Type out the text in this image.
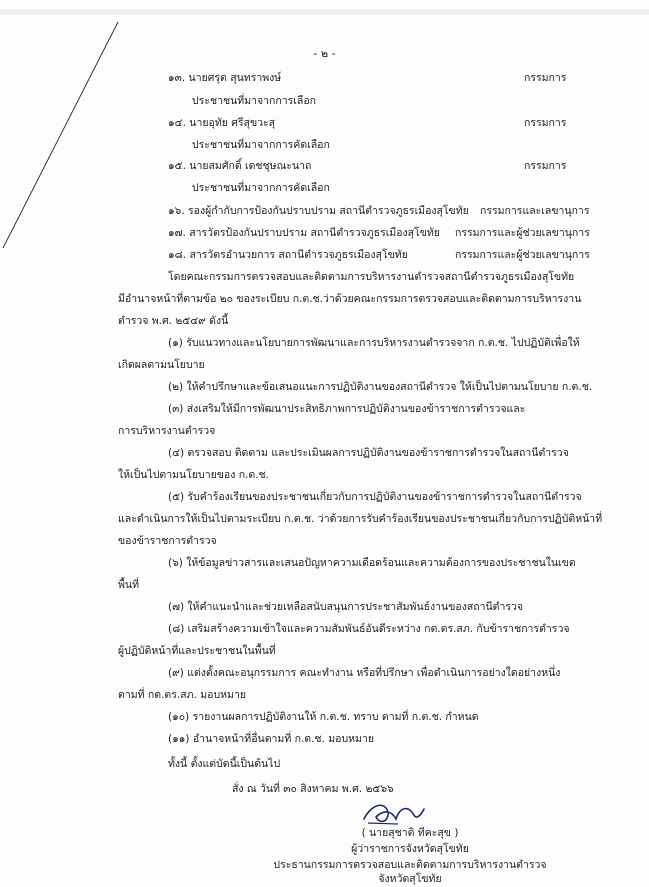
- ๒ -
๑๓. นายศรุต สุนทราพงษ์	กรรมการ
ประชาชนที่มาจากการเลือก
๑๔. นายอุทัย ศรีสุขวะสุ	กรรมการ
ประชาชนที่มาจากการคัดเลือก
๑๕. นายสมศักดิ์ เดชชุษณะนาถ	กรรมการ
ประชาชนที่มาจากการคัดเลือก
๑๖. รองผู้กำกับการป้องกันปราบปราม สถานีตำรวจภูธรเมืองสุโขทัย กรรมการและเลขานุการ
๑๗. สารวัตรป้องกันปราบปราม สถานีตำรวจภูธรเมืองสุโขทัย กรรมการและผู้ช่วยเลขานุการ
๑๘. สารวัตรอำนวยการ สถานีตำรวจภูธรเมืองสุโขทัย	กรรมการและผู้ช่วยเลขานุการ
โดยคณะกรรมการตรวจสอบและติดตามการบริหารงานตำรวจสถานีตำรวจภูธรเมืองสุโขทัย
มีอำนาจหน้าที่ตามข้อ ๒๐ ของระเบียบ ก.ต.ช.ว่าด้วยคณะกรรมการตรวจสอบและติดตามการบริหารงาน
ตำรวจ พ.ศ. ๒๕๔๙ ดังนี้
(๑) รับแนวทางและนโยบายการพัฒนาและการบริหารงานตำรวจจาก ก.ต.ช. ไปปฏิบัติเพื่อให้
เกิดผลตามนโยบาย
(๒) ให้คำปรึกษาและข้อเสนอแนะการปฏิบัติงานของสถานีตำรวจ ให้เป็นไปตามนโยบาย ก.ต.ช.
(๓) ส่งเสริมให้มีการพัฒนาประสิทธิภาพการปฏิบัติงานของข้าราชการตำรวจและ
การบริหารงานตำรวจ
(๔) ตรวจสอบ ติดตาม และประเมินผลการปฏิบัติงานของข้าราชการตำรวจในสถานีตำรวจ
ให้เป็นไปตามนโยบายของ ก.ต.ช.
(๕) รับคำร้องเรียนของประชาชนเกี่ยวกับการปฏิบัติงานของข้าราชการตำรวจในสถานีตำรวจ
และดำเนินการให้เป็นไปตามระเบียบ ก.ต.ช. ว่าด้วยการรับคำร้องเรียนของประชาชนเกี่ยวกับการปฏิบัติหน้าที่
ของข้าราชการตำรวจ
(๖) ให้ข้อมูลข่าวสารและเสนอปัญหาความเดือดร้อนและความต้องการของประชาชนในเขต
พื้นที่
(๗) ให้คำแนะนำและช่วยเหลือสนับสนุนการประชาสัมพันธ์งานของสถานีตำรวจ
(๘) เสริมสร้างความเข้าใจและความสัมพันธ์อันดีระหว่าง กต.ตร.สภ. กับข้าราชการตำรวจ
ผู้ปฏิบัติหน้าที่และประชาชนในพื้นที่
(๙) แต่งตั้งคณะอนุกรรมการ คณะทำงาน หรือที่ปรึกษา เพื่อดำเนินการอย่างใดอย่างหนึ่ง
ตามที่ กต.ตร.สภ. มอบหมาย
(๑๐) รายงานผลการปฏิบัติงานให้ ก.ต.ช. ทราบ ตามที่ ก.ต.ช. กำหนด
(๑๑) อำนาจหน้าที่อื่นตามที่ ก.ต.ช. มอบหมาย
ทั้งนี้ ตั้งแต่บัดนี้เป็นต้นไป
สั่ง ณ วันที่ ๓๐ สิงหาคม พ.ศ. ๒๕๖๖
( นายสุชาติ ทีคะสุข )
ผู้ว่าราชการจังหวัดสุโขทัย
ประธานกรรมการตรวจสอบและติดตามการบริหารงานตำรวจ
จังหวัดสุโขทัย
